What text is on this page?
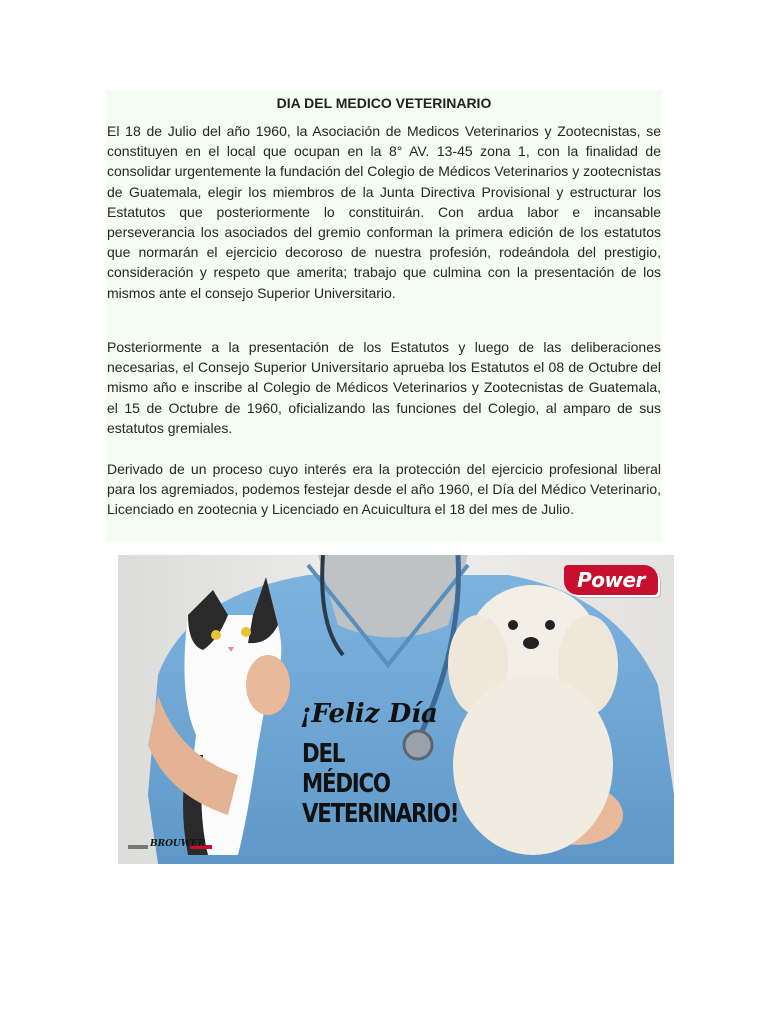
DIA DEL MEDICO VETERINARIO

El 18 de Julio del año 1960, la Asociación de Medicos Veterinarios y Zootecnistas, se constituyen en el local que ocupan en la 8° AV. 13-45 zona 1, con la finalidad de consolidar urgentemente la fundación del Colegio de Médicos Veterinarios y zootecnistas de Guatemala, elegir los miembros de la Junta Directiva Provisional y estructurar los Estatutos que posteriormente lo constituirán. Con ardua labor e incansable perseverancia los asociados del gremio conforman la primera edición de los estatutos que normarán el ejercicio decoroso de nuestra profesión, rodeándola del prestigio, consideración y respeto que amerita; trabajo que culmina con la presentación de los mismos ante el consejo Superior Universitario.

Posteriormente a la presentación de los Estatutos y luego de las deliberaciones necesarias, el Consejo Superior Universitario aprueba los Estatutos el 08 de Octubre del mismo año e inscribe al Colegio de Médicos Veterinarios y Zootecnistas de Guatemala, el 15 de Octubre de 1960, oficializando las funciones del Colegio, al amparo de sus estatutos gremiales.

Derivado de un proceso cuyo interés era la protección del ejercicio profesional liberal para los agremiados, podemos festejar desde el año 1960, el Día del Médico Veterinario, Licenciado en zootecnia y Licenciado en Acuicultura el 18 del mes de Julio.

Power
¡Feliz Día
DEL
MÉDICO
VETERINARIO!
BROUWER
